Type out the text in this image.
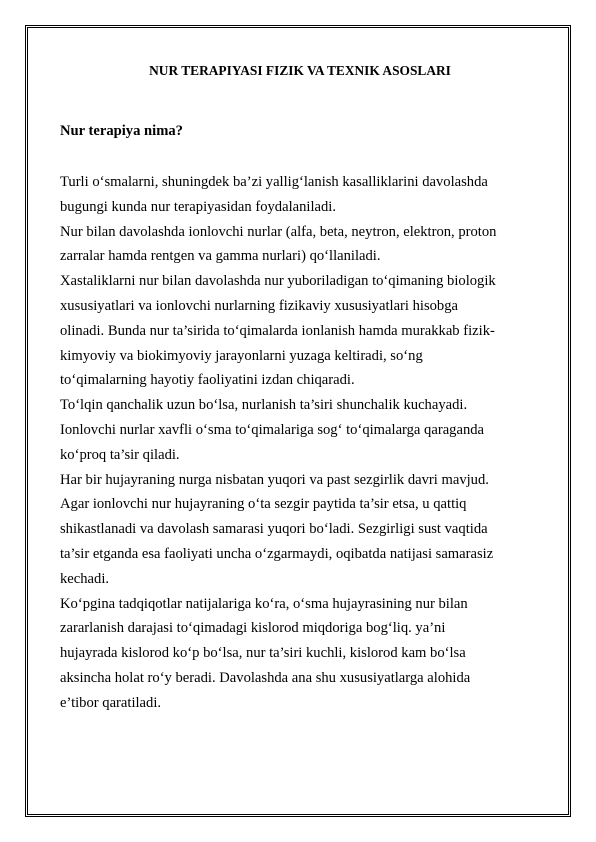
NUR TERAPIYASI FIZIK VA TEXNIK ASOSLARI
Nur terapiya nima?

Turli o‘smalarni, shuningdek ba’zi yallig‘lanish kasalliklarini davolashda
bugungi kunda nur terapiyasidan foydalaniladi.

Nur bilan davolashda ionlovchi nurlar (alfa, beta, neytron, elektron, proton
zarralar hamda rentgen va gamma nurlari) qo‘llaniladi.

Xastaliklarni nur bilan davolashda nur yuboriladigan to‘qimaning biologik
xususiyatlari va ionlovchi nurlarning fizikaviy xususiyatlari hisobga
olinadi. Bunda nur ta’sirida to‘qimalarda ionlanish hamda murakkab fizik-
kimyoviy va biokimyoviy jarayonlarni yuzaga keltiradi, so‘ng
to‘qimalarning hayotiy faoliyatini izdan chiqaradi.

To‘lqin qanchalik uzun bo‘lsa, nurlanish ta’siri shunchalik kuchayadi.

Ionlovchi nurlar xavfli o‘sma to‘qimalariga sog‘ to‘qimalarga qaraganda
ko‘proq ta’sir qiladi.

Har bir hujayraning nurga nisbatan yuqori va past sezgirlik davri mavjud.
Agar ionlovchi nur hujayraning o‘ta sezgir paytida ta’sir etsa, u qattiq
shikastlanadi va davolash samarasi yuqori bo‘ladi. Sezgirligi sust vaqtida
ta’sir etganda esa faoliyati uncha o‘zgarmaydi, oqibatda natijasi samarasiz
kechadi.

Ko‘pgina tadqiqotlar natijalariga ko‘ra, o‘sma hujayrasining nur bilan
zararlanish darajasi to‘qimadagi kislorod miqdoriga bog‘liq. ya’ni
hujayrada kislorod ko‘p bo‘lsa, nur ta’siri kuchli, kislorod kam bo‘lsa
aksincha holat ro‘y beradi. Davolashda ana shu xususiyatlarga alohida
e’tibor qaratiladi.
